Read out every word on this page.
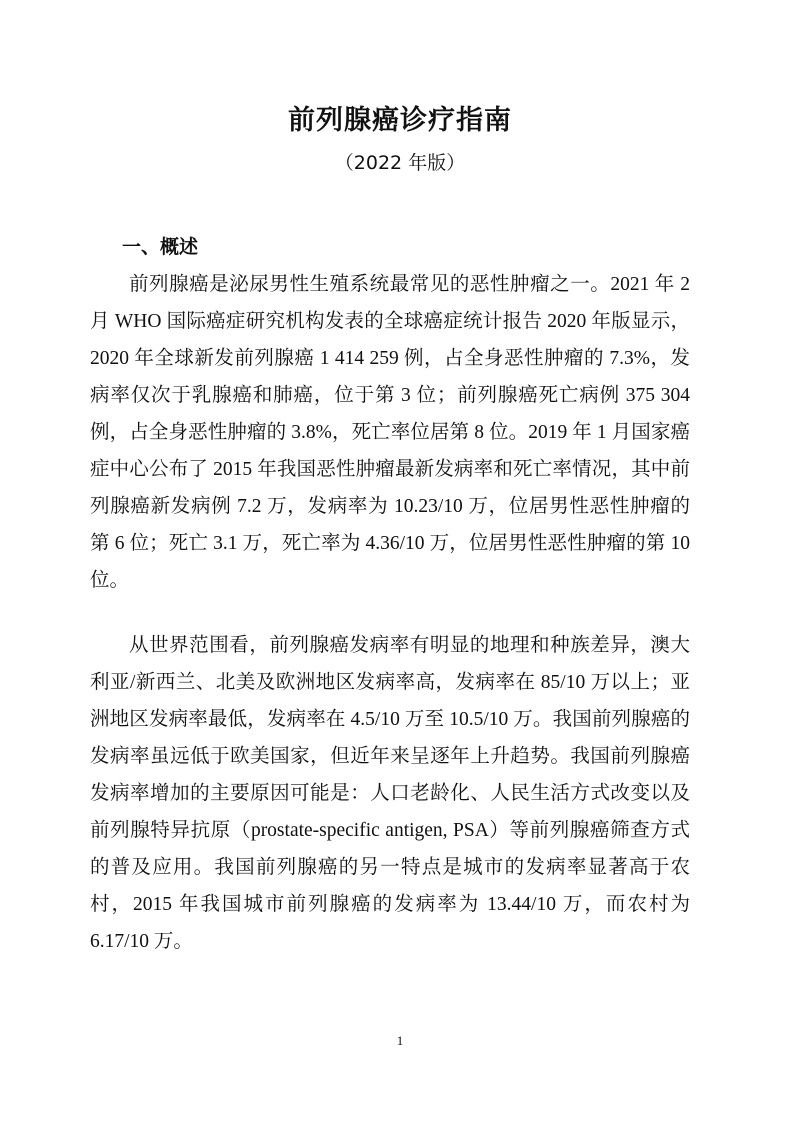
前列腺癌诊疗指南
（2022 年版）
一、概述

前列腺癌是泌尿男性生殖系统最常见的恶性肿瘤之一。2021 年 2 月 WHO 国际癌症研究机构发表的全球癌症统计报告 2020 年版显示，2020 年全球新发前列腺癌 1 414 259 例，占全身恶性肿瘤的 7.3%，发病率仅次于乳腺癌和肺癌，位于第 3 位；前列腺癌死亡病例 375 304 例，占全身恶性肿瘤的 3.8%，死亡率位居第 8 位。2019 年 1 月国家癌症中心公布了 2015 年我国恶性肿瘤最新发病率和死亡率情况，其中前列腺癌新发病例 7.2 万，发病率为 10.23/10 万，位居男性恶性肿瘤的第 6 位；死亡 3.1 万，死亡率为 4.36/10 万，位居男性恶性肿瘤的第 10 位。

从世界范围看，前列腺癌发病率有明显的地理和种族差异，澳大利亚/新西兰、北美及欧洲地区发病率高，发病率在 85/10 万以上；亚洲地区发病率最低，发病率在 4.5/10 万至 10.5/10 万。我国前列腺癌的发病率虽远低于欧美国家，但近年来呈逐年上升趋势。我国前列腺癌发病率增加的主要原因可能是：人口老龄化、人民生活方式改变以及前列腺特异抗原（prostate-specific antigen, PSA）等前列腺癌筛查方式的普及应用。我国前列腺癌的另一特点是城市的发病率显著高于农村，2015 年我国城市前列腺癌的发病率为 13.44/10 万，而农村为 6.17/10 万。

1
